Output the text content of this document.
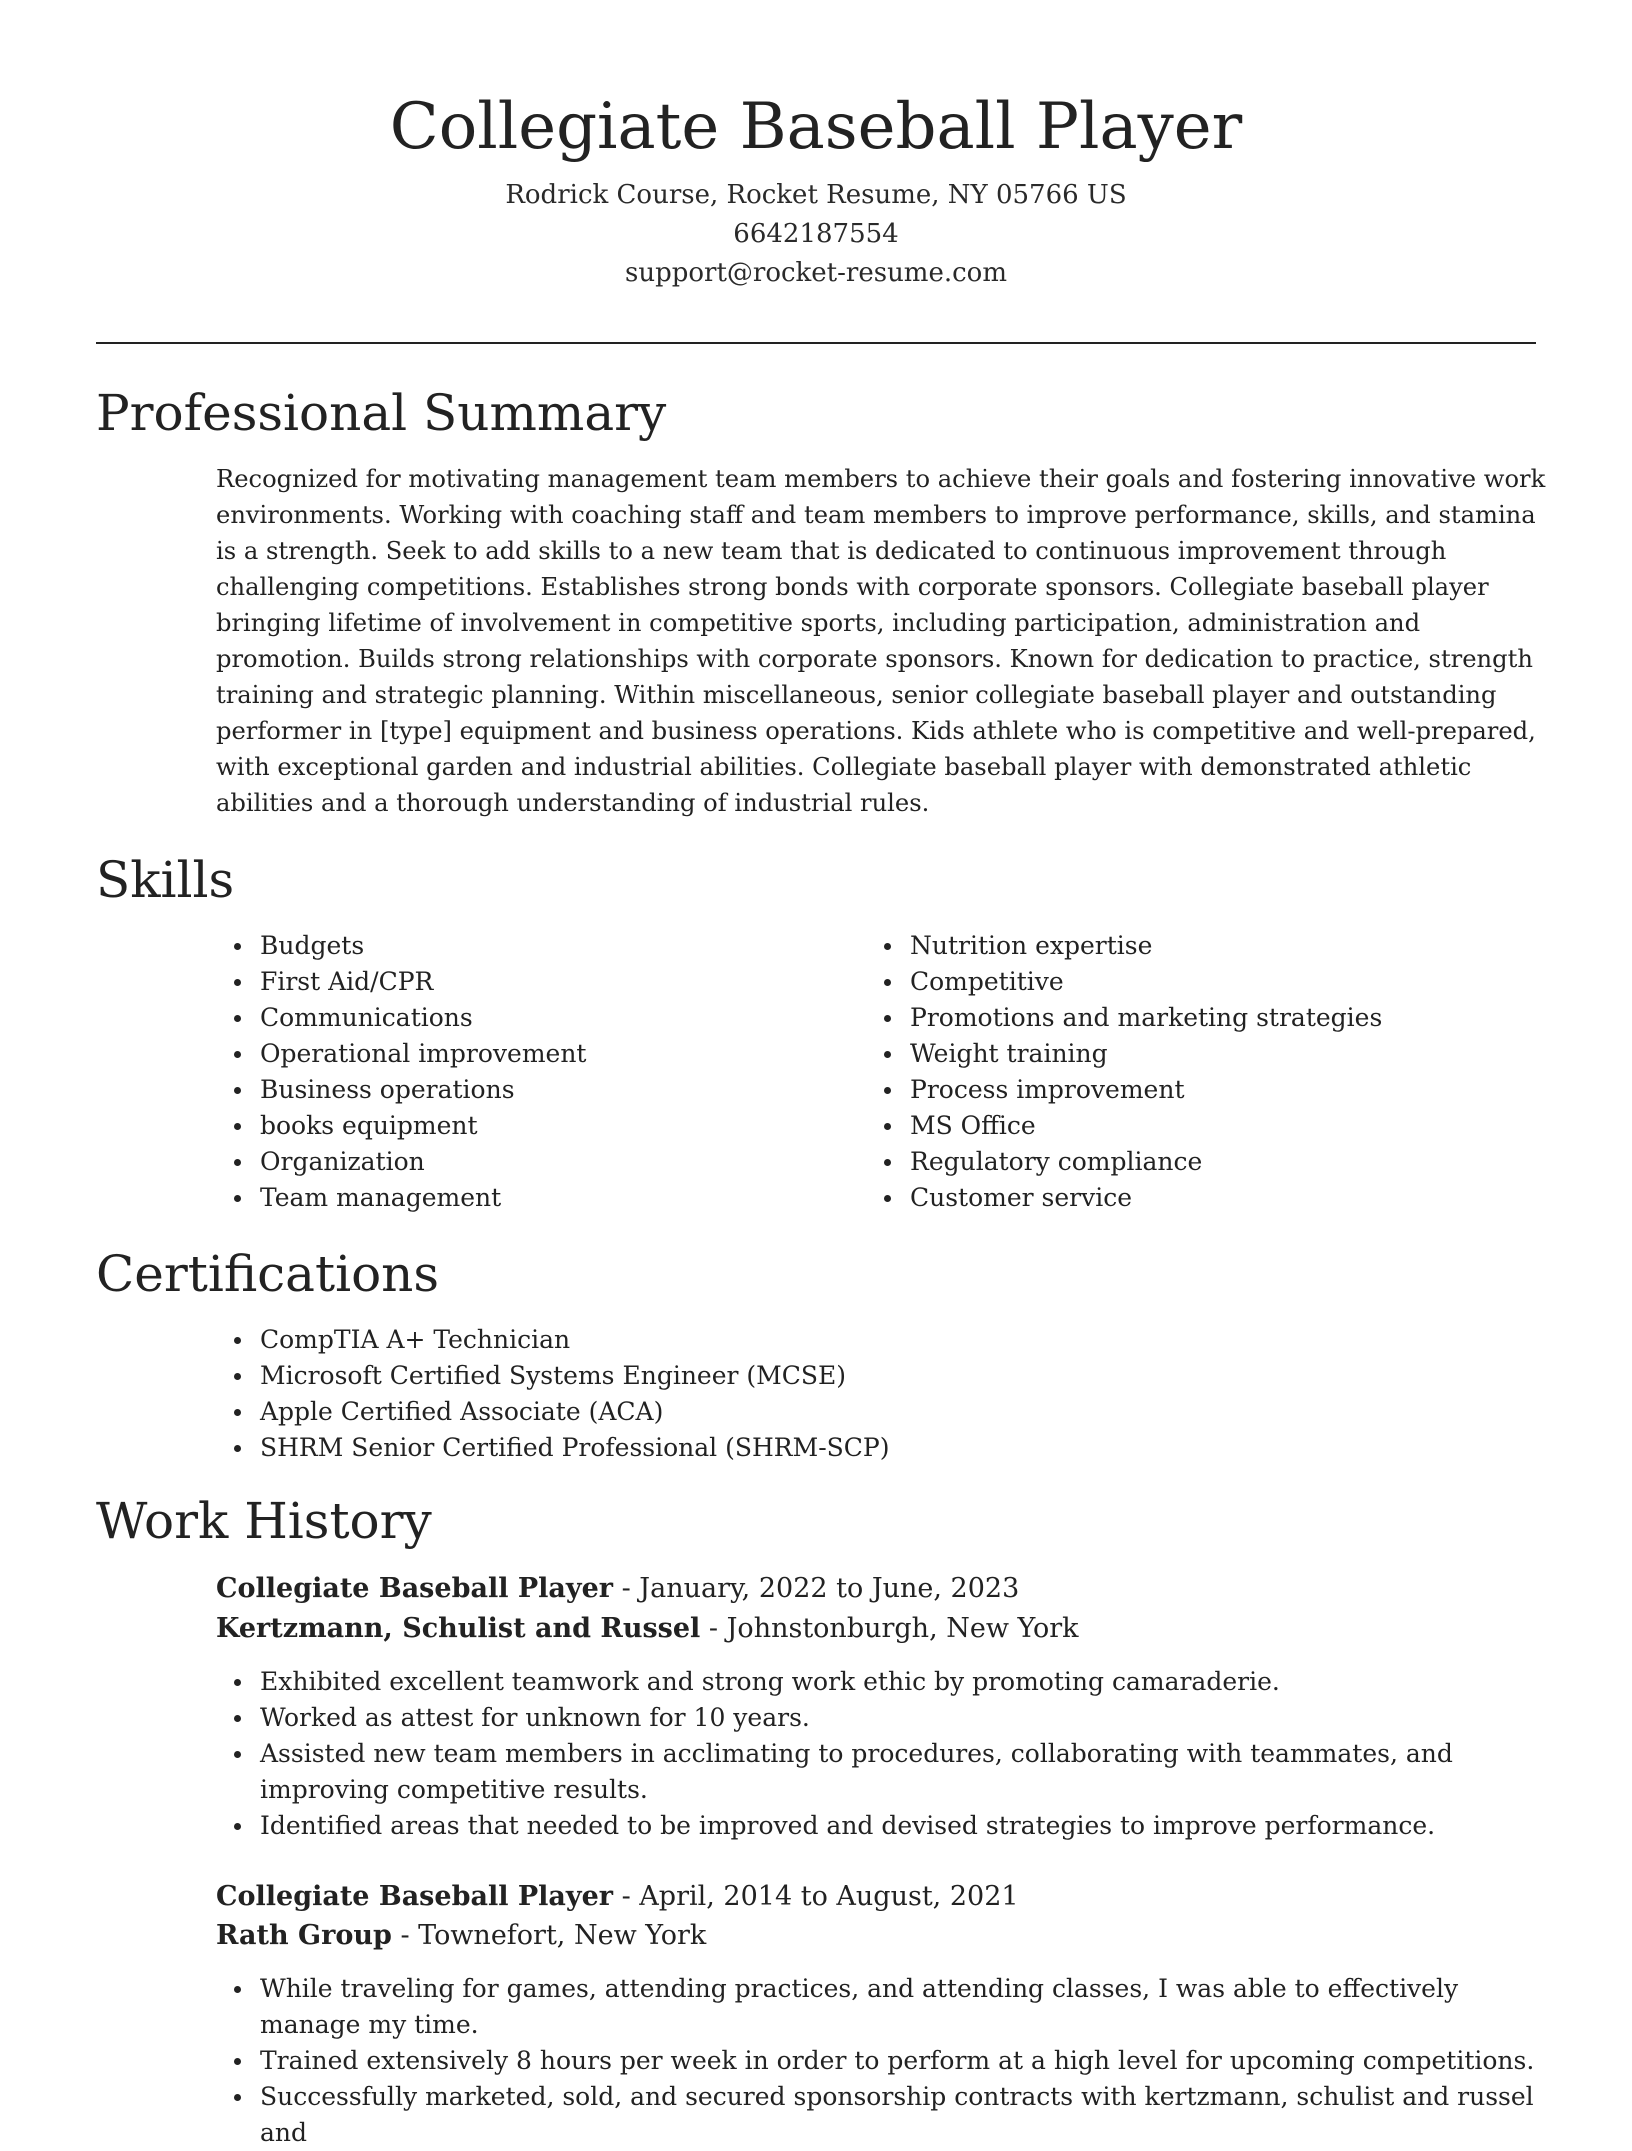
Collegiate Baseball Player
Rodrick Course, Rocket Resume, NY 05766 US
6642187554
support@rocket-resume.com
Professional Summary
Recognized for motivating management team members to achieve their goals and fostering innovative work environments. Working with coaching staff and team members to improve performance, skills, and stamina is a strength. Seek to add skills to a new team that is dedicated to continuous improvement through challenging competitions. Establishes strong bonds with corporate sponsors. Collegiate baseball player bringing lifetime of involvement in competitive sports, including participation, administration and promotion. Builds strong relationships with corporate sponsors. Known for dedication to practice, strength training and strategic planning. Within miscellaneous, senior collegiate baseball player and outstanding performer in [type] equipment and business operations. Kids athlete who is competitive and well-prepared, with exceptional garden and industrial abilities. Collegiate baseball player with demonstrated athletic abilities and a thorough understanding of industrial rules.
Skills
Budgets
First Aid/CPR
Communications
Operational improvement
Business operations
books equipment
Organization
Team management
Nutrition expertise
Competitive
Promotions and marketing strategies
Weight training
Process improvement
MS Office
Regulatory compliance
Customer service
Certifications
CompTIA A+ Technician
Microsoft Certified Systems Engineer (MCSE)
Apple Certified Associate (ACA)
SHRM Senior Certified Professional (SHRM-SCP)
Work History
Collegiate Baseball Player - January, 2022 to June, 2023
Kertzmann, Schulist and Russel - Johnstonburgh, New York
Exhibited excellent teamwork and strong work ethic by promoting camaraderie.
Worked as attest for unknown for 10 years.
Assisted new team members in acclimating to procedures, collaborating with teammates, and improving competitive results.
Identified areas that needed to be improved and devised strategies to improve performance.
Collegiate Baseball Player - April, 2014 to August, 2021
Rath Group - Townefort, New York
While traveling for games, attending practices, and attending classes, I was able to effectively manage my time.
Trained extensively 8 hours per week in order to perform at a high level for upcoming competitions.
Successfully marketed, sold, and secured sponsorship contracts with kertzmann, schulist and russel and
